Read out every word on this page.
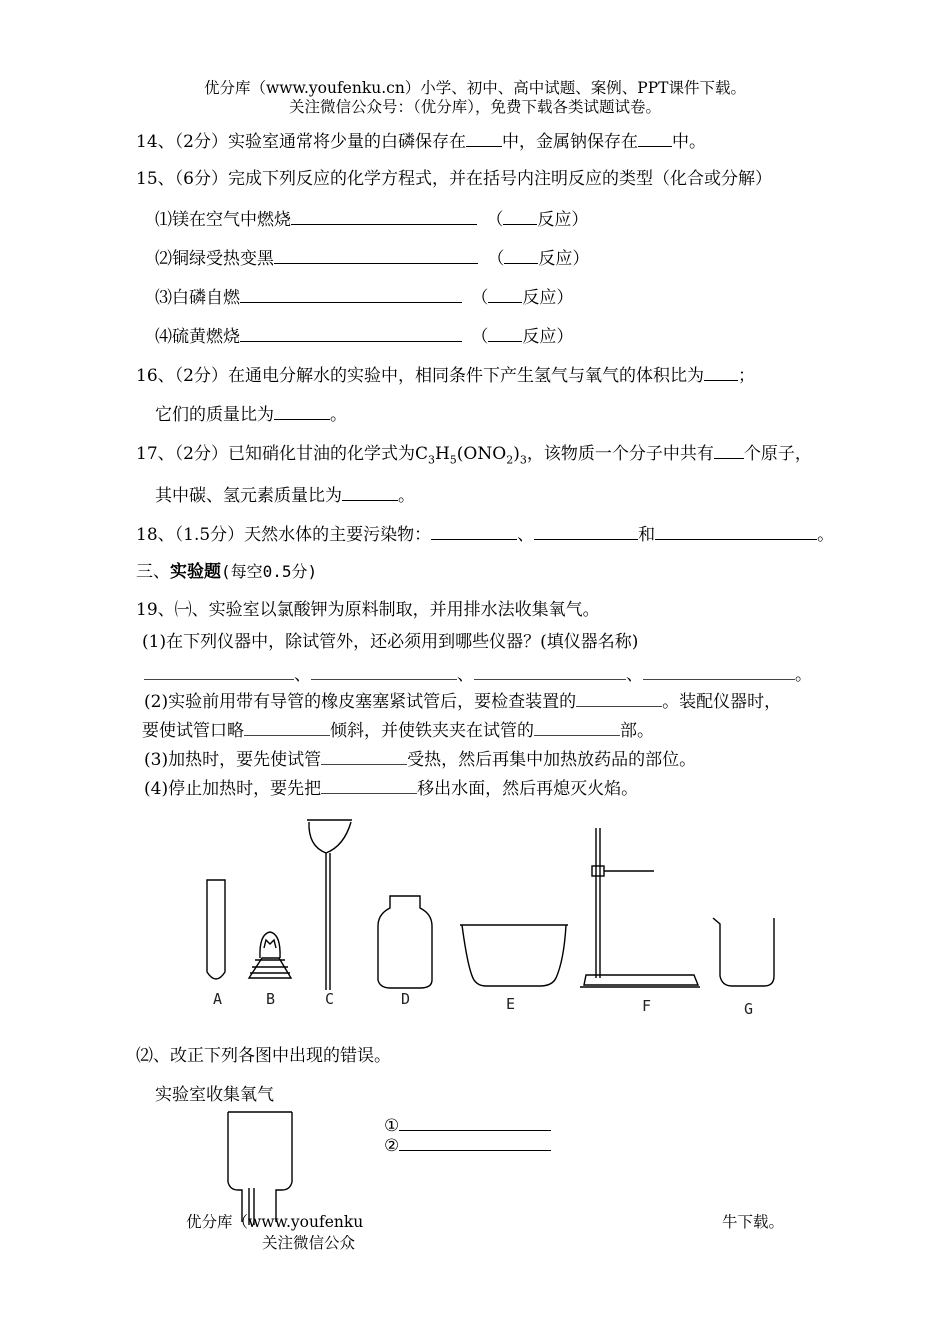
优分库（www.youfenku.cn）小学、初中、高中试题、案例、PPT课件下载。
关注微信公众号：（优分库），免费下载各类试题试卷。
14、（2分）实验室通常将少量的白磷保存在 中，金属钠保存在 中。
15、（6分）完成下列反应的化学方程式，并在括号内注明反应的类型（化合或分解）
⑴镁在空气中燃烧	（ 反应）
⑵铜绿受热变黑	（ 反应）
⑶白磷自燃	（ 反应）
⑷硫黄燃烧	（ 反应）
16、（2分）在通电分解水的实验中，相同条件下产生氢气与氧气的体积比为 ；
它们的质量比为	。
17、（2分）已知硝化甘油的化学式为$C_3H_5(ONO_2)_3$，该物质一个分子中共有 个原子，
其中碳、氢元素质量比为	。
18、（1.5分）天然水体的主要污染物：	、	和	。
三、实验题(每空0.5分)
19、㈠、实验室以氯酸钾为原料制取，并用排水法收集氧气。
(1)在下列仪器中，除试管外，还必须用到哪些仪器？(填仪器名称)
、	、	、	。
(2)实验前用带有导管的橡皮塞塞紧试管后，要检查装置的	。装配仪器时，
要使试管口略	倾斜，并使铁夹夹在试管的	部。
(3)加热时，要先使试管	受热，然后再集中加热放药品的部位。
(4)停止加热时，要先把	移出水面，然后再熄灭火焰。
A	B	C	D	E	F	G
⑵、改正下列各图中出现的错误。
实验室收集氧气
①
②
优分库（www.youfenku	牛下载。
关注微信公众
